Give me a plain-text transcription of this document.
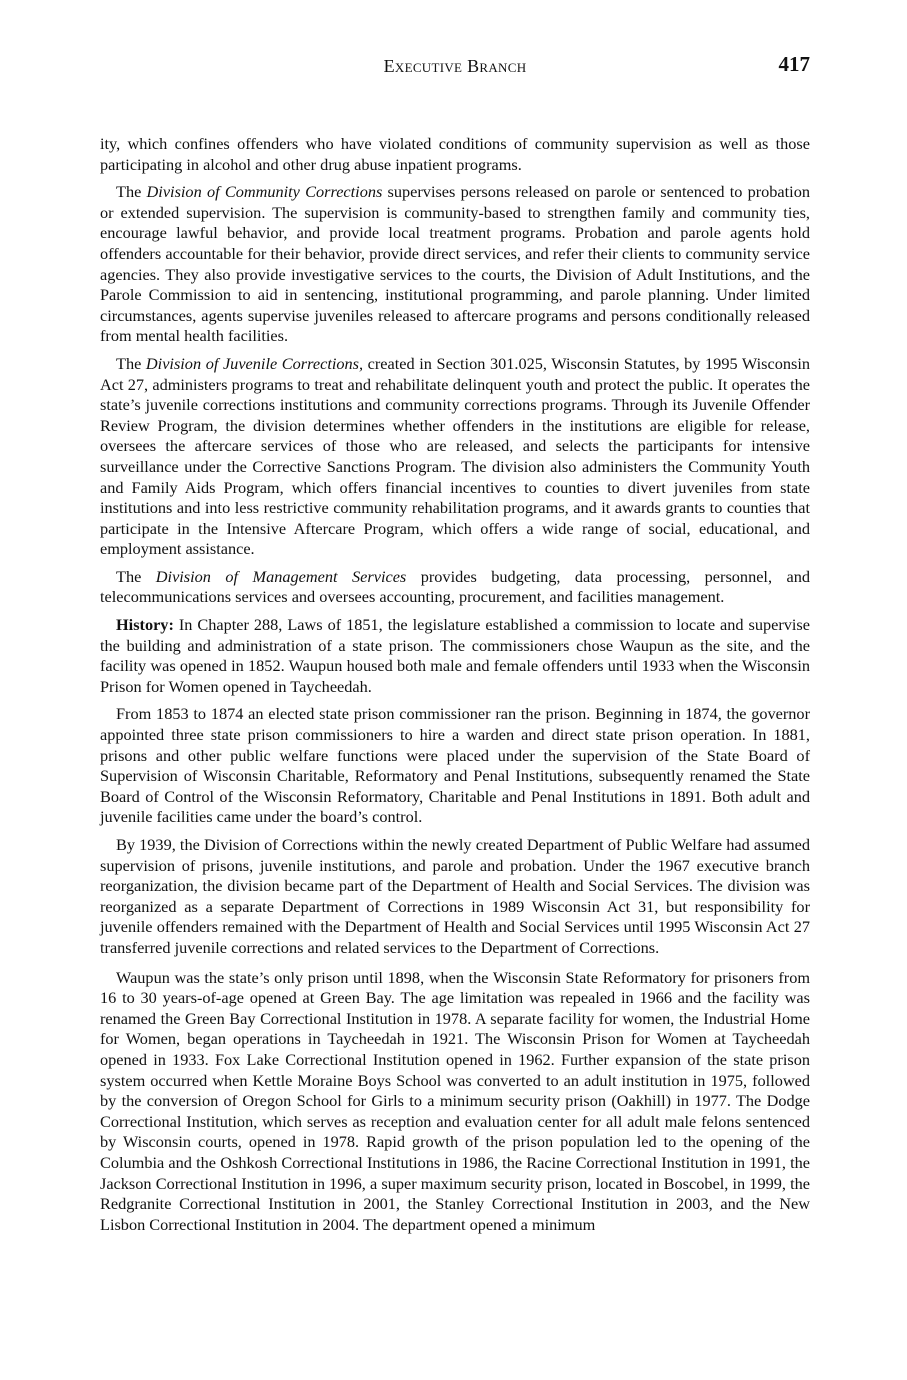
Executive Branch	417

ity, which confines offenders who have violated conditions of community supervision as well as those participating in alcohol and other drug abuse inpatient programs.

The Division of Community Corrections supervises persons released on parole or sentenced to probation or extended supervision. The supervision is community-based to strengthen family and community ties, encourage lawful behavior, and provide local treatment programs. Probation and parole agents hold offenders accountable for their behavior, provide direct services, and refer their clients to community service agencies. They also provide investigative services to the courts, the Division of Adult Institutions, and the Parole Commission to aid in sentencing, institutional programming, and parole planning. Under limited circumstances, agents supervise juveniles released to aftercare programs and persons conditionally released from mental health facilities.

The Division of Juvenile Corrections, created in Section 301.025, Wisconsin Statutes, by 1995 Wisconsin Act 27, administers programs to treat and rehabilitate delinquent youth and protect the public. It operates the state’s juvenile corrections institutions and community corrections programs. Through its Juvenile Offender Review Program, the division determines whether offenders in the institutions are eligible for release, oversees the aftercare services of those who are released, and selects the participants for intensive surveillance under the Corrective Sanctions Program. The division also administers the Community Youth and Family Aids Program, which offers financial incentives to counties to divert juveniles from state institutions and into less restrictive community rehabilitation programs, and it awards grants to counties that participate in the Intensive Aftercare Program, which offers a wide range of social, educational, and employment assistance.

The Division of Management Services provides budgeting, data processing, personnel, and telecommunications services and oversees accounting, procurement, and facilities management.

History: In Chapter 288, Laws of 1851, the legislature established a commission to locate and supervise the building and administration of a state prison. The commissioners chose Waupun as the site, and the facility was opened in 1852. Waupun housed both male and female offenders until 1933 when the Wisconsin Prison for Women opened in Taycheedah.

From 1853 to 1874 an elected state prison commissioner ran the prison. Beginning in 1874, the governor appointed three state prison commissioners to hire a warden and direct state prison operation. In 1881, prisons and other public welfare functions were placed under the supervision of the State Board of Supervision of Wisconsin Charitable, Reformatory and Penal Institutions, subsequently renamed the State Board of Control of the Wisconsin Reformatory, Charitable and Penal Institutions in 1891. Both adult and juvenile facilities came under the board’s control.

By 1939, the Division of Corrections within the newly created Department of Public Welfare had assumed supervision of prisons, juvenile institutions, and parole and probation. Under the 1967 executive branch reorganization, the division became part of the Department of Health and Social Services. The division was reorganized as a separate Department of Corrections in 1989 Wisconsin Act 31, but responsibility for juvenile offenders remained with the Department of Health and Social Services until 1995 Wisconsin Act 27 transferred juvenile corrections and related services to the Department of Corrections.

Waupun was the state’s only prison until 1898, when the Wisconsin State Reformatory for prisoners from 16 to 30 years-of-age opened at Green Bay. The age limitation was repealed in 1966 and the facility was renamed the Green Bay Correctional Institution in 1978. A separate facility for women, the Industrial Home for Women, began operations in Taycheedah in 1921. The Wisconsin Prison for Women at Taycheedah opened in 1933. Fox Lake Correctional Institution opened in 1962. Further expansion of the state prison system occurred when Kettle Moraine Boys School was converted to an adult institution in 1975, followed by the conversion of Oregon School for Girls to a minimum security prison (Oakhill) in 1977. The Dodge Correctional Institution, which serves as reception and evaluation center for all adult male felons sentenced by Wisconsin courts, opened in 1978. Rapid growth of the prison population led to the opening of the Columbia and the Oshkosh Correctional Institutions in 1986, the Racine Correctional Institution in 1991, the Jackson Correctional Institution in 1996, a super maximum security prison, located in Boscobel, in 1999, the Redgranite Correctional Institution in 2001, the Stanley Correctional Institution in 2003, and the New Lisbon Correctional Institution in 2004. The department opened a minimum
